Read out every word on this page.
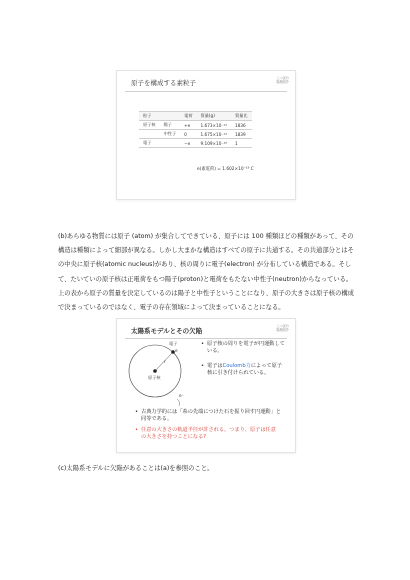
原子を構成する素粒子
こつぼの
原理紹介
粒子		電荷	質量(g)	質量比
原子核	陽子	+e	1.673×10⁻²⁴	1836
	中性子	0	1.675×10⁻²⁴	1839
電子		−e	9.109×10⁻²⁸	1
e(素電荷) = 1.602×10⁻¹⁹ C

(b)あらゆる物質には原子 (atom) が集合してできている、原子には 100 種類ほどの種類があって、その構造は種類によって細部が異なる。しかし大まかな構造はすべての原子に共通する。その共通部分とはその中央に原子核(atomic nucleus)があり、核の周りに電子(electron) が分布している構造である。そして、たいていの原子核は正電荷をもつ陽子(proton)と電荷をもたない中性子(neutron)からなっている。上の表から原子の質量を決定しているのは陽子と中性子ということになり、原子の大きさは原子核の構成で決まっているのではなく、電子の存在領域によって決まっていることになる。

太陽系モデルとその欠陥
こつぼの
原理紹介
電子
e
r
原子核
e⁻
• 原子核の周りを電子が円運動している。
• 電子はCoulomb力によって原子核に引き付けられている。
• 古典力学的には「糸の先端につけた石を振り回す円運動」と同等である。
• 任意の大きさの軌道半径が許される。つまり、原子は任意の大きさを持つことになる?

(c)太陽系モデルに欠陥があることは(a)を参照のこと。
